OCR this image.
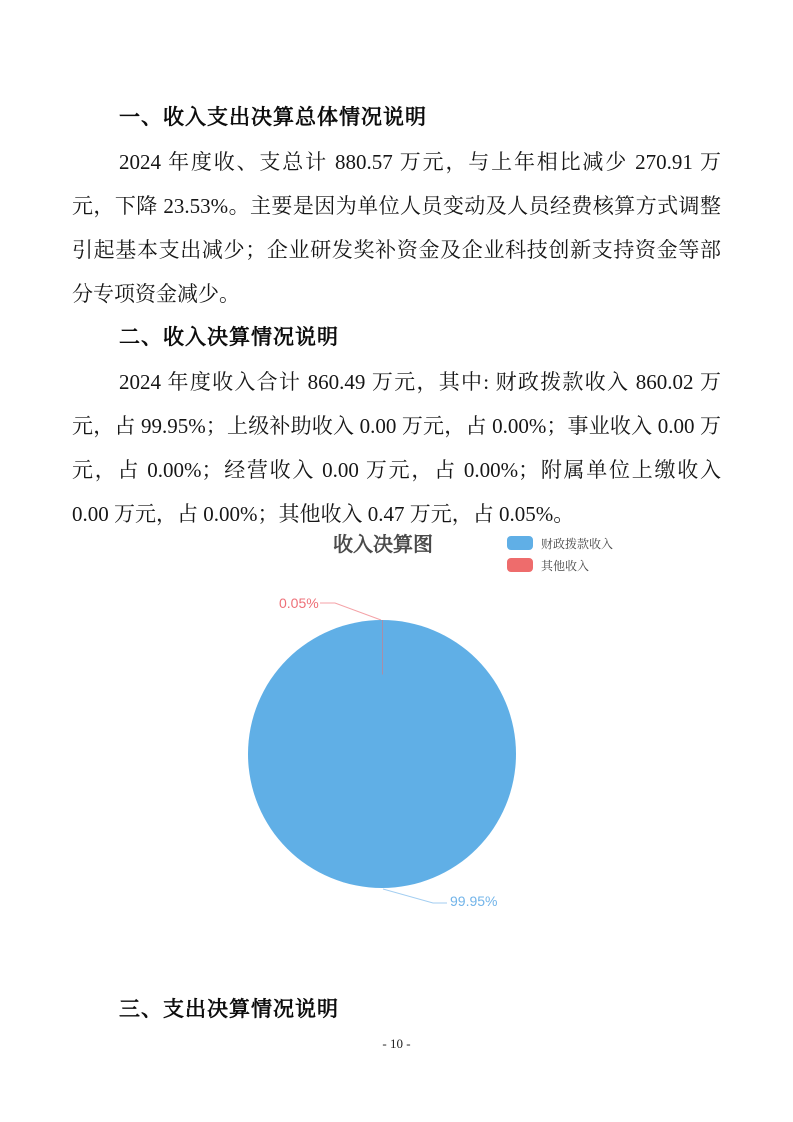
一、收入支出决算总体情况说明

2024 年度收、支总计 880.57 万元，与上年相比减少 270.91 万元，下降 23.53%。主要是因为单位人员变动及人员经费核算方式调整引起基本支出减少；企业研发奖补资金及企业科技创新支持资金等部分专项资金减少。

二、收入决算情况说明

2024 年度收入合计 860.49 万元，其中: 财政拨款收入 860.02 万元，占 99.95%；上级补助收入 0.00 万元，占 0.00%；事业收入 0.00 万元，占 0.00%；经营收入 0.00 万元，占 0.00%；附属单位上缴收入 0.00 万元，占 0.00%；其他收入 0.47 万元，占 0.05%。

收入决算图	财政拨款收入
其他收入
0.05%
99.95%
三、支出决算情况说明
- 10 -
